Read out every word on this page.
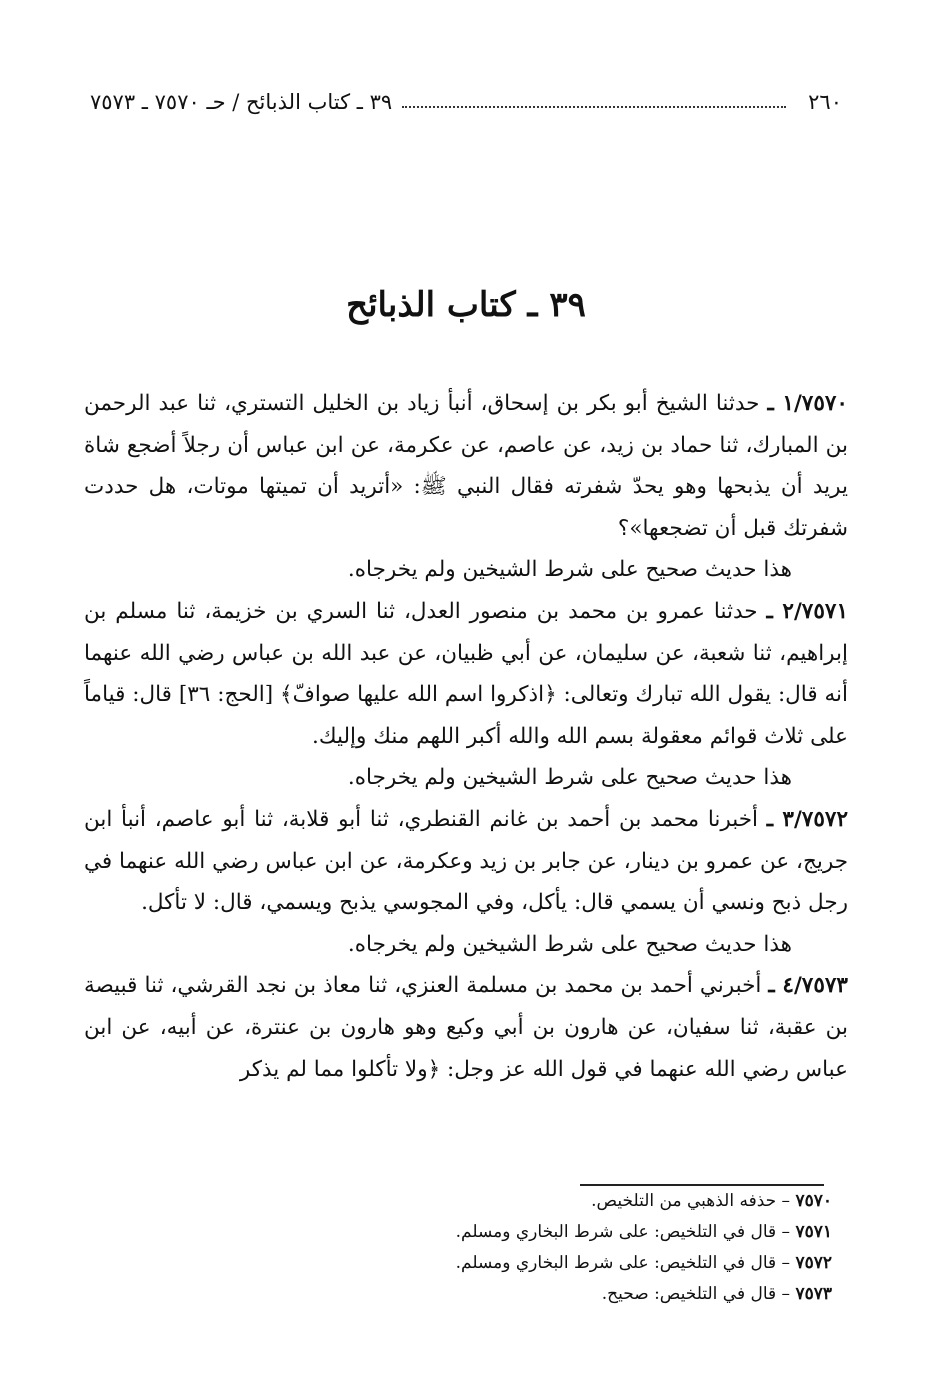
٢٦٠
٣٩ ـ كتاب الذبائح / حـ ٧٥٧٠ ـ ٧٥٧٣
٣٩ ـ كتاب الذبائح

١/٧٥٧٠ ـ حدثنا الشيخ أبو بكر بن إسحاق، أنبأ زياد بن الخليل التستري، ثنا عبد الرحمن بن المبارك، ثنا حماد بن زيد، عن عاصم، عن عكرمة، عن ابن عباس أن رجلاً أضجع شاة يريد أن يذبحها وهو يحدّ شفرته فقال النبي ﷺ: «أتريد أن تميتها موتات، هل حددت شفرتك قبل أن تضجعها»؟

هذا حديث صحيح على شرط الشيخين ولم يخرجاه.

٢/٧٥٧١ ـ حدثنا عمرو بن محمد بن منصور العدل، ثنا السري بن خزيمة، ثنا مسلم بن إبراهيم، ثنا شعبة، عن سليمان، عن أبي ظبيان، عن عبد الله بن عباس رضي الله عنهما أنه قال: يقول الله تبارك وتعالى: ﴿اذكروا اسم الله عليها صوافّ﴾ [الحج: ٣٦] قال: قياماً على ثلاث قوائم معقولة بسم الله والله أكبر اللهم منك وإليك.

هذا حديث صحيح على شرط الشيخين ولم يخرجاه.

٣/٧٥٧٢ ـ أخبرنا محمد بن أحمد بن غانم القنطري، ثنا أبو قلابة، ثنا أبو عاصم، أنبأ ابن جريج، عن عمرو بن دينار، عن جابر بن زيد وعكرمة، عن ابن عباس رضي الله عنهما في رجل ذبح ونسي أن يسمي قال: يأكل، وفي المجوسي يذبح ويسمي، قال: لا تأكل.

هذا حديث صحيح على شرط الشيخين ولم يخرجاه.

٤/٧٥٧٣ ـ أخبرني أحمد بن محمد بن مسلمة العنزي، ثنا معاذ بن نجد القرشي، ثنا قبيصة بن عقبة، ثنا سفيان، عن هارون بن أبي وكيع وهو هارون بن عنترة، عن أبيه، عن ابن عباس رضي الله عنهما في قول الله عز وجل: ﴿ولا تأكلوا مما لم يذكر

٧٥٧٠ – حذفه الذهبي من التلخيص.

٧٥٧١ – قال في التلخيص: على شرط البخاري ومسلم.

٧٥٧٢ – قال في التلخيص: على شرط البخاري ومسلم.

٧٥٧٣ – قال في التلخيص: صحيح.
